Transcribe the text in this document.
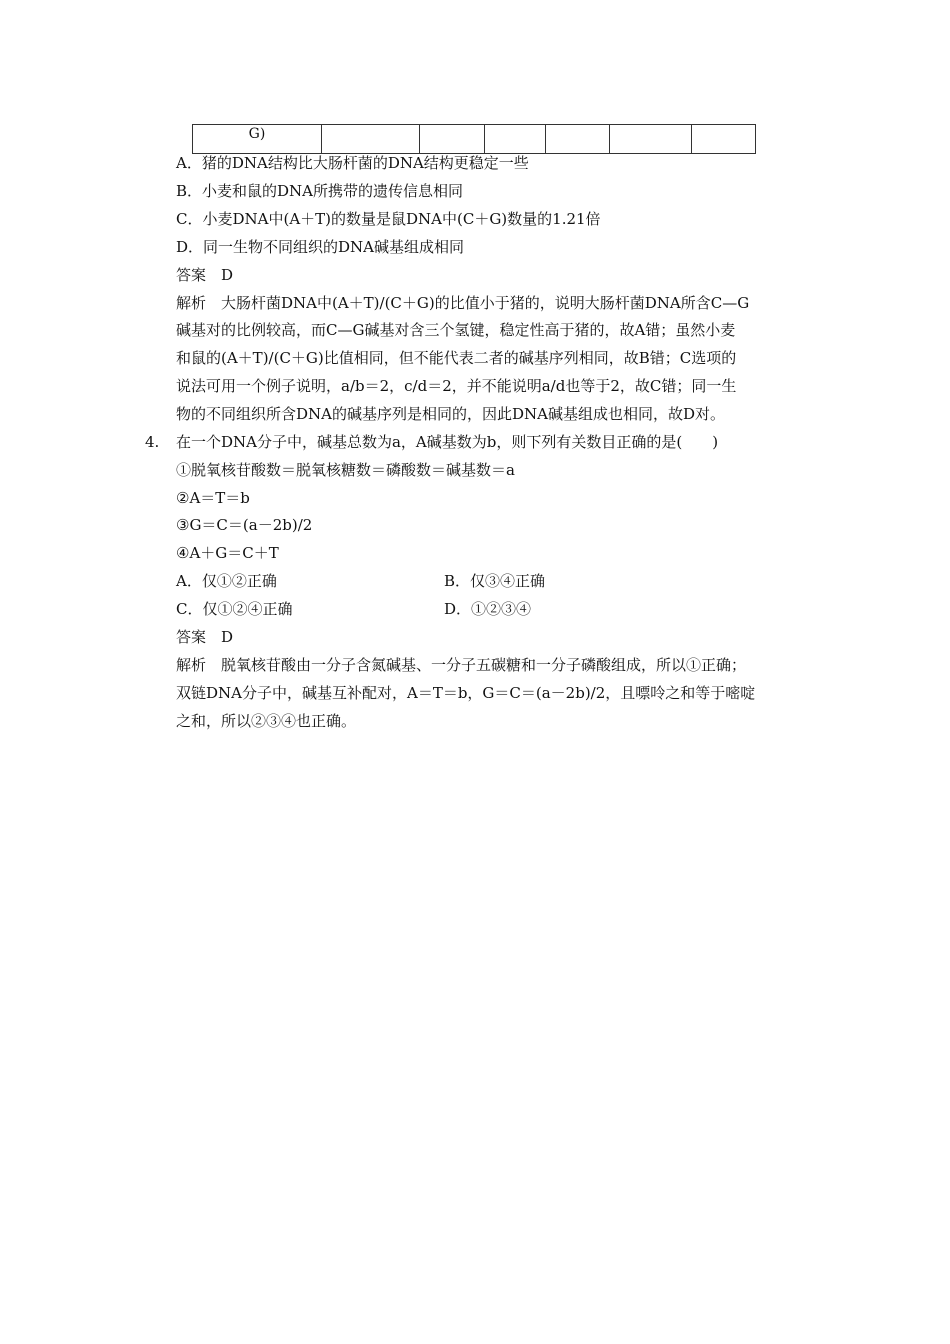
G)						
A．猪的DNA结构比大肠杆菌的DNA结构更稳定一些
B．小麦和鼠的DNA所携带的遗传信息相同
C．小麦DNA中(A＋T)的数量是鼠DNA中(C＋G)数量的1.21倍
D．同一生物不同组织的DNA碱基组成相同
答案　D
解析　大肠杆菌DNA中(A＋T)/(C＋G)的比值小于猪的，说明大肠杆菌DNA所含C—G
碱基对的比例较高，而C—G碱基对含三个氢键，稳定性高于猪的，故A错；虽然小麦
和鼠的(A＋T)/(C＋G)比值相同，但不能代表二者的碱基序列相同，故B错；C选项的
说法可用一个例子说明，a/b＝2，c/d＝2，并不能说明a/d也等于2，故C错；同一生
物的不同组织所含DNA的碱基序列是相同的，因此DNA碱基组成也相同，故D对。
4. 在一个DNA分子中，碱基总数为a，A碱基数为b，则下列有关数目正确的是(　　)
①脱氧核苷酸数＝脱氧核糖数＝磷酸数＝碱基数＝a
②A＝T＝b
③G＝C＝(a－2b)/2
④A＋G＝C＋T
A．仅①②正确	B．仅③④正确
C．仅①②④正确	D．①②③④
答案　D
解析　脱氧核苷酸由一分子含氮碱基、一分子五碳糖和一分子磷酸组成，所以①正确；
双链DNA分子中，碱基互补配对，A＝T＝b，G＝C＝(a－2b)/2，且嘌呤之和等于嘧啶
之和，所以②③④也正确。
